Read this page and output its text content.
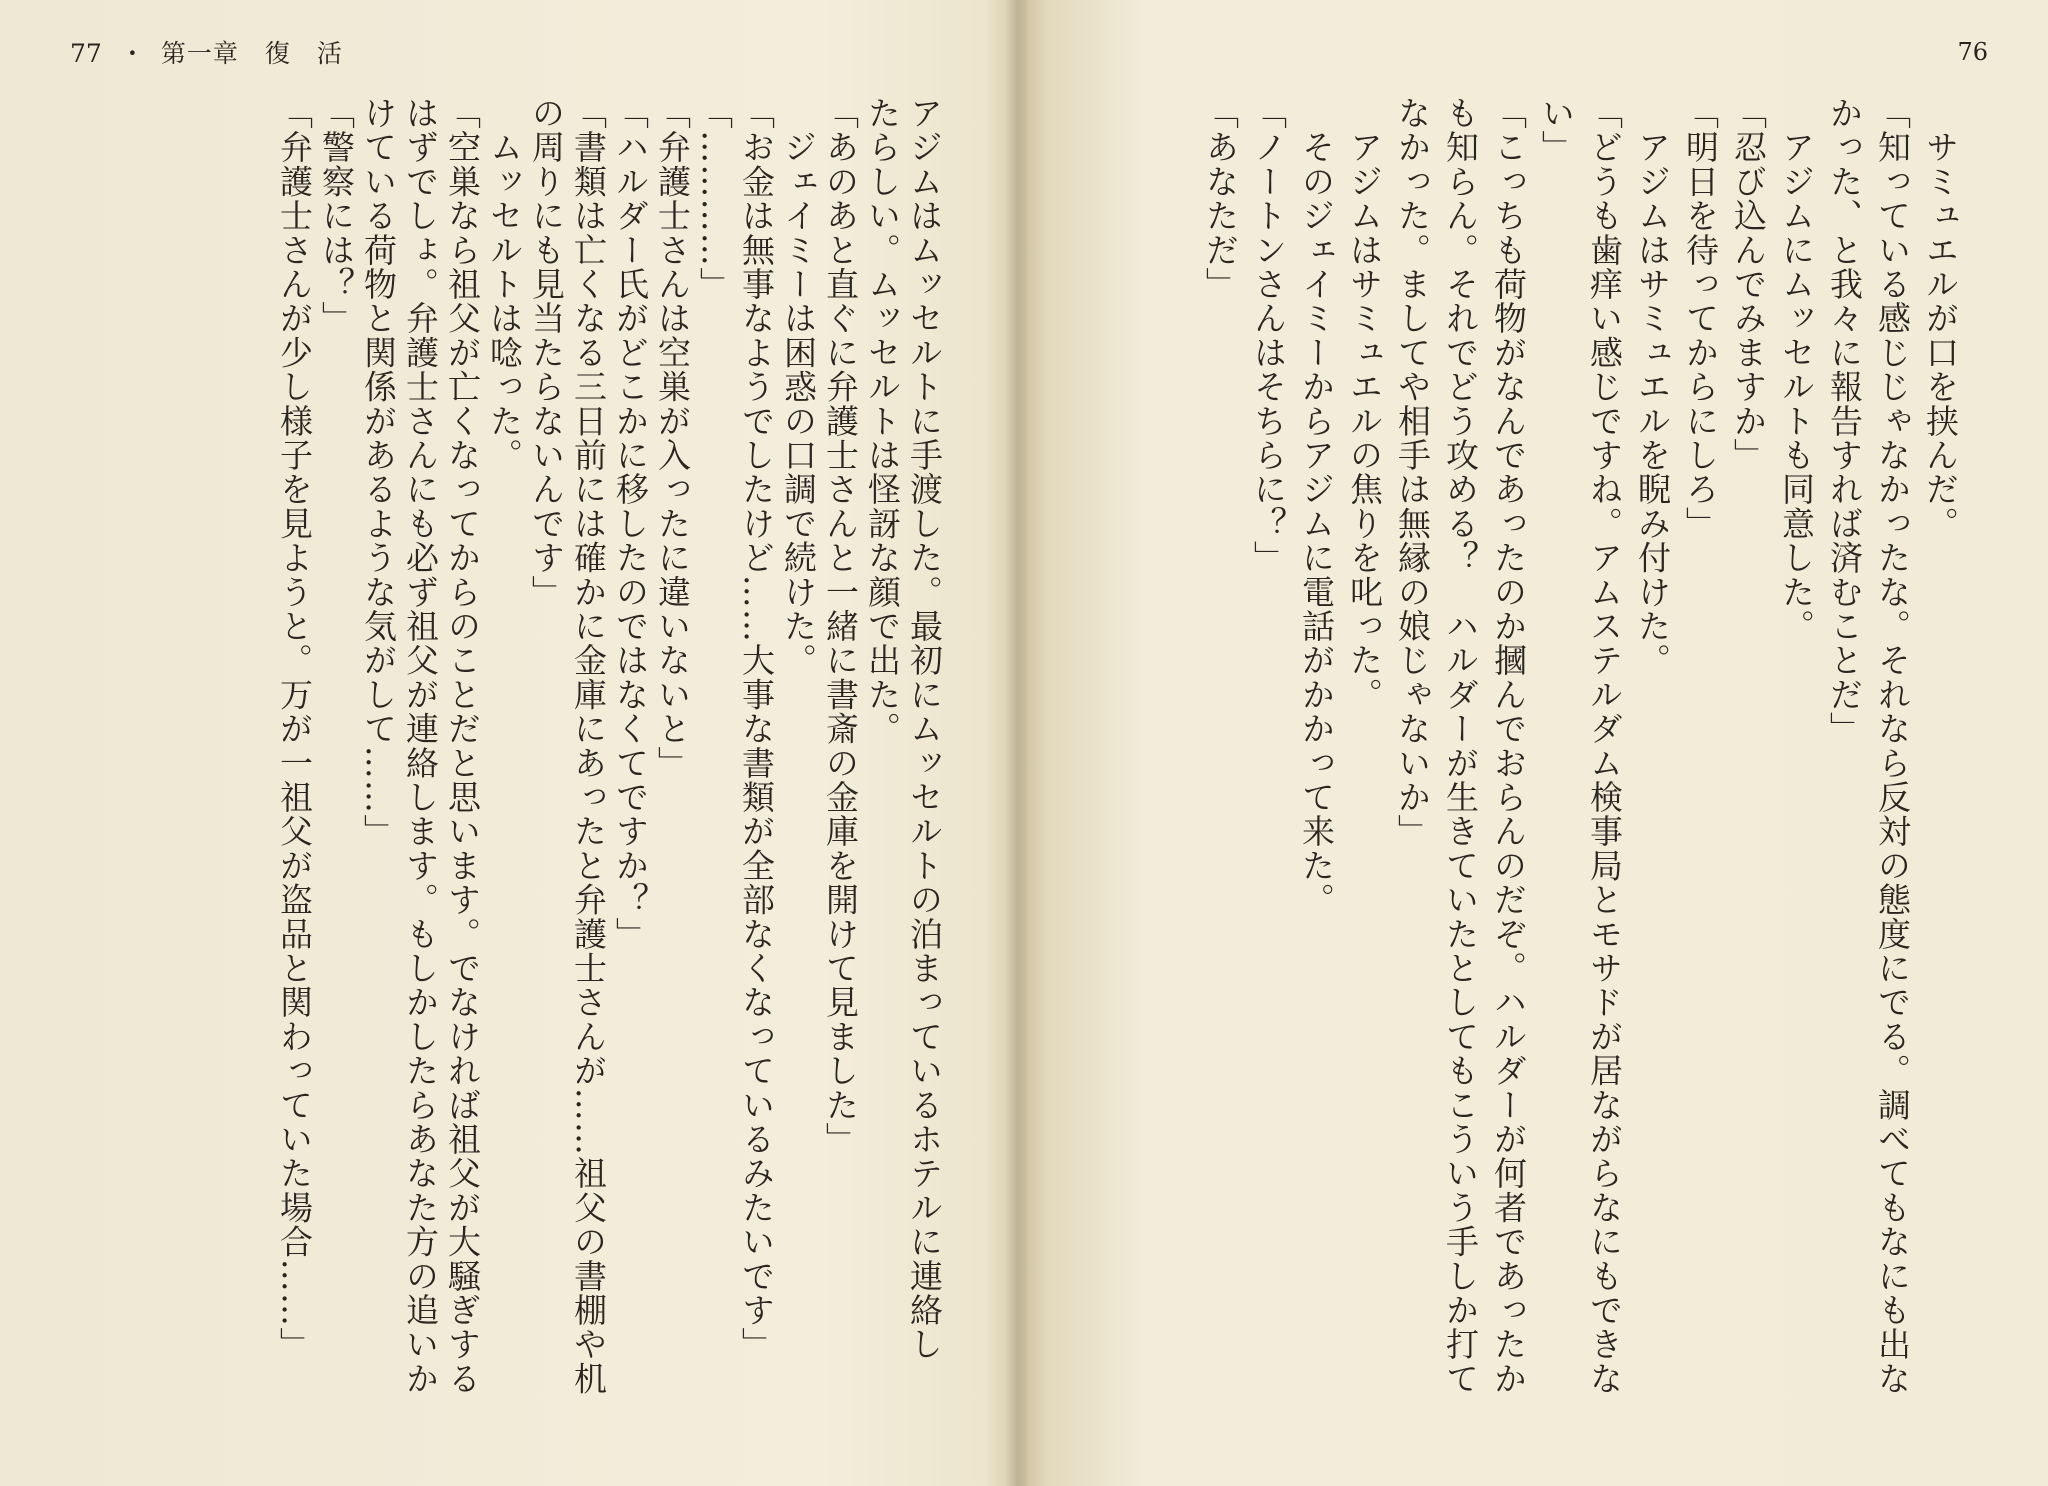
77 ・ 第一章　復　活
アジムはムッセルトに手渡した。最初にムッセルトの泊まっているホテルに連絡し
たらしい。ムッセルトは怪訝な顔で出た。
「あのあと直ぐに弁護士さんと一緒に書斎の金庫を開けて見ました」
　ジェイミーは困惑の口調で続けた。
「お金は無事なようでしたけど……大事な書類が全部なくなっているみたいです」
「…………」
「弁護士さんは空巣が入ったに違いないと」
「ハルダー氏がどこかに移したのではなくてですか？」
「書類は亡くなる三日前には確かに金庫にあったと弁護士さんが……祖父の書棚や机
の周りにも見当たらないんです」
　ムッセルトは唸った。
「空巣なら祖父が亡くなってからのことだと思います。でなければ祖父が大騒ぎする
はずでしょ。弁護士さんにも必ず祖父が連絡します。もしかしたらあなた方の追いか
けている荷物と関係があるような気がして……」
「警察には？」
「弁護士さんが少し様子を見ようと。万が一祖父が盗品と関わっていた場合……」
76
　サミュエルが口を挟んだ。
「知っている感じじゃなかったな。それなら反対の態度にでる。調べてもなにも出な
かった、と我々に報告すれば済むことだ」
　アジムにムッセルトも同意した。
「忍び込んでみますか」
「明日を待ってからにしろ」
　アジムはサミュエルを睨み付けた。
「どうも歯痒い感じですね。アムステルダム検事局とモサドが居ながらなにもできな
い」
「こっちも荷物がなんであったのか摑んでおらんのだぞ。ハルダーが何者であったか
も知らん。それでどう攻める？　ハルダーが生きていたとしてもこういう手しか打て
なかった。ましてや相手は無縁の娘じゃないか」
　アジムはサミュエルの焦りを叱った。
　そのジェイミーからアジムに電話がかかって来た。
「ノートンさんはそちらに？」
「あなただ」
